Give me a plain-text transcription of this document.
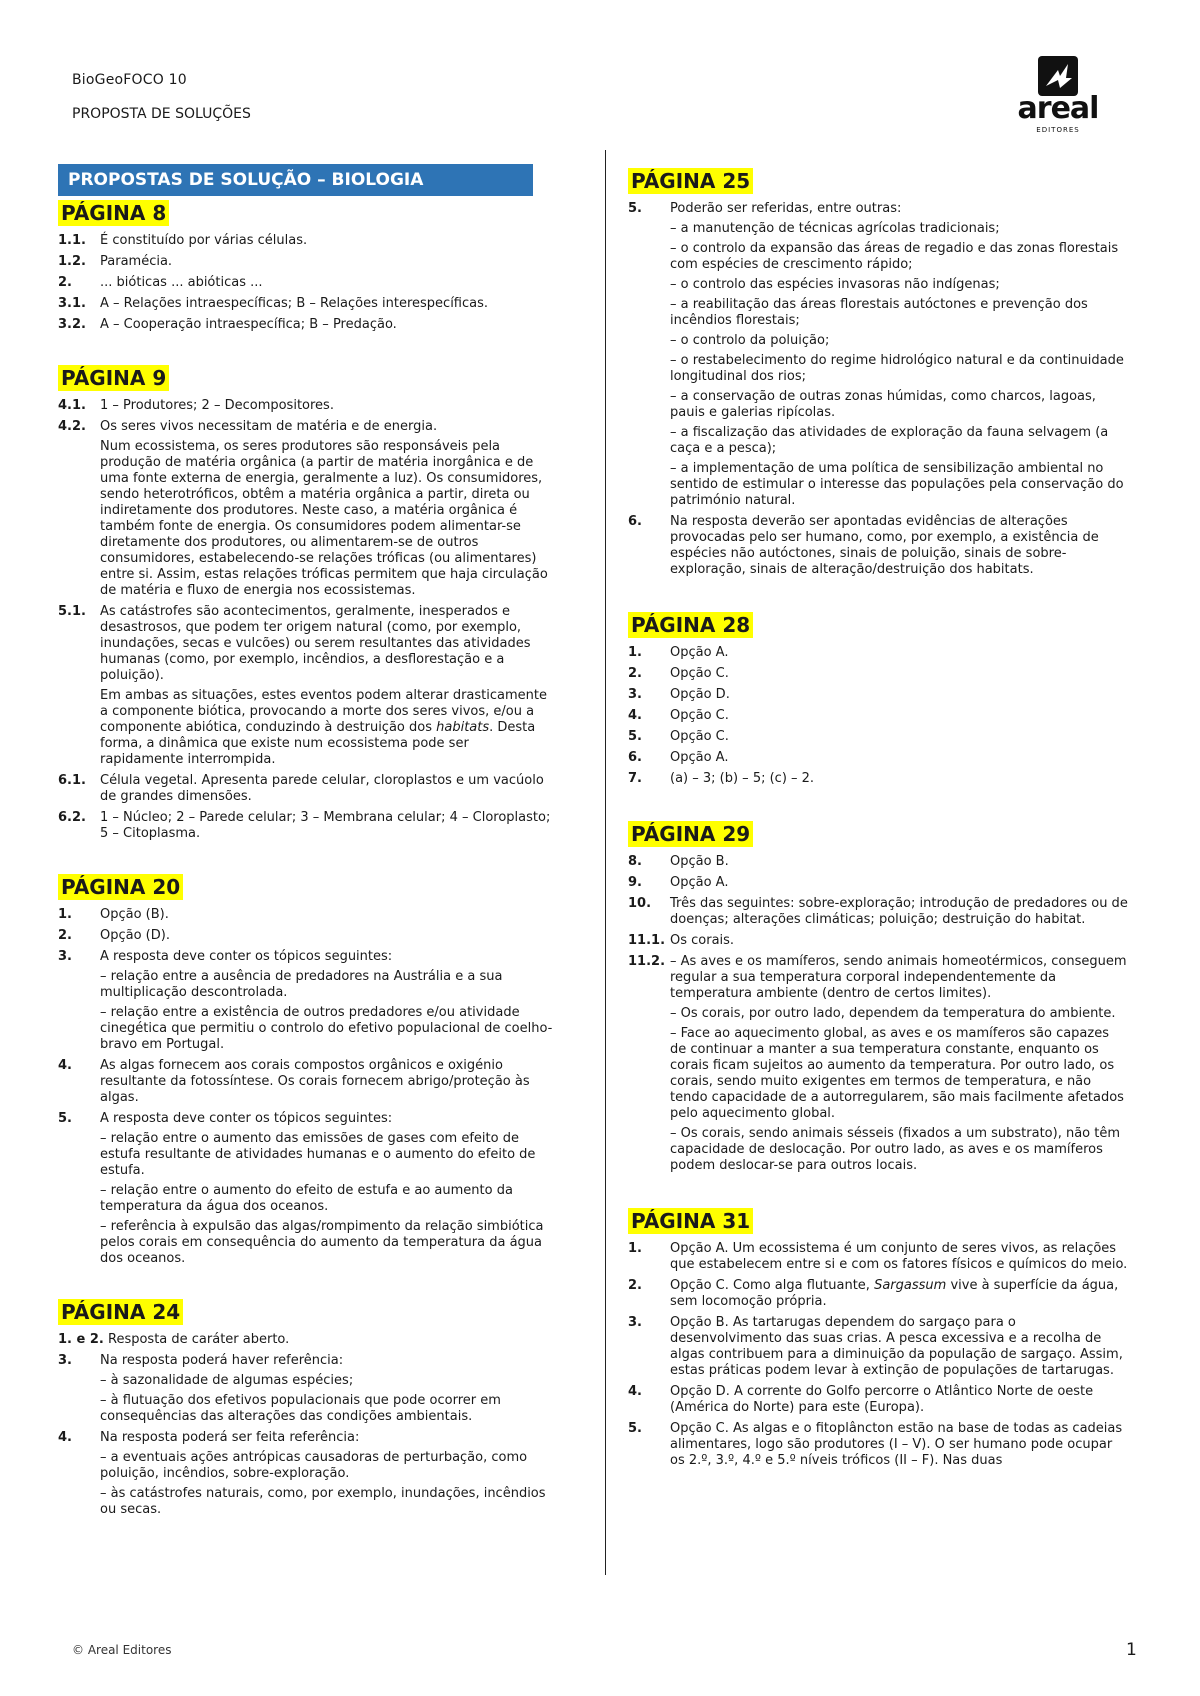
BioGeoFOCO 10
PROPOSTA DE SOLUÇÕES	areal
EDITORES
PROPOSTAS DE SOLUÇÃO – BIOLOGIA
PÁGINA 8
1.1.	É constituído por várias células.
1.2.	Paramécia.
2.	... bióticas ... abióticas ...
3.1.	A – Relações intraespecíficas; B – Relações interespecíficas.
3.2.	A – Cooperação intraespecífica; B – Predação.
PÁGINA 9
4.1.	1 – Produtores; 2 – Decompositores.
4.2.	Os seres vivos necessitam de matéria e de energia.
Num ecossistema, os seres produtores são responsáveis pela produção de matéria orgânica (a partir de matéria inorgânica e de uma fonte externa de energia, geralmente a luz). Os consumidores, sendo heterotróficos, obtêm a matéria orgânica a partir, direta ou indiretamente dos produtores. Neste caso, a matéria orgânica é também fonte de energia. Os consumidores podem alimentar-se diretamente dos produtores, ou alimentarem-se de outros consumidores, estabelecendo-se relações tróficas (ou alimentares) entre si. Assim, estas relações tróficas permitem que haja circulação de matéria e fluxo de energia nos ecossistemas.
5.1.	As catástrofes são acontecimentos, geralmente, inesperados e desastrosos, que podem ter origem natural (como, por exemplo, inundações, secas e vulcões) ou serem resultantes das atividades humanas (como, por exemplo, incêndios, a desflorestação e a poluição).
Em ambas as situações, estes eventos podem alterar drasticamente a componente biótica, provocando a morte dos seres vivos, e/ou a componente abiótica, conduzindo à destruição dos habitats. Desta forma, a dinâmica que existe num ecossistema pode ser rapidamente interrompida.
6.1.	Célula vegetal. Apresenta parede celular, cloroplastos e um vacúolo de grandes dimensões.
6.2.	1 – Núcleo; 2 – Parede celular; 3 – Membrana celular; 4 – Cloroplasto; 5 – Citoplasma.
PÁGINA 20
1.	Opção (B).
2.	Opção (D).
3.	A resposta deve conter os tópicos seguintes:
– relação entre a ausência de predadores na Austrália e a sua multiplicação descontrolada.
– relação entre a existência de outros predadores e/ou atividade cinegética que permitiu o controlo do efetivo populacional de coelho-bravo em Portugal.
4.	As algas fornecem aos corais compostos orgânicos e oxigénio resultante da fotossíntese. Os corais fornecem abrigo/proteção às algas.
5.	A resposta deve conter os tópicos seguintes:
– relação entre o aumento das emissões de gases com efeito de estufa resultante de atividades humanas e o aumento do efeito de estufa.
– relação entre o aumento do efeito de estufa e ao aumento da temperatura da água dos oceanos.
– referência à expulsão das algas/rompimento da relação simbiótica pelos corais em consequência do aumento da temperatura da água dos oceanos.
PÁGINA 24
1. e 2. Resposta de caráter aberto.
3.	Na resposta poderá haver referência:
– à sazonalidade de algumas espécies;
– à flutuação dos efetivos populacionais que pode ocorrer em consequências das alterações das condições ambientais.
4.	Na resposta poderá ser feita referência:
– a eventuais ações antrópicas causadoras de perturbação, como poluição, incêndios, sobre-exploração.
– às catástrofes naturais, como, por exemplo, inundações, incêndios ou secas.
PÁGINA 25
5.	Poderão ser referidas, entre outras:
– a manutenção de técnicas agrícolas tradicionais;
– o controlo da expansão das áreas de regadio e das zonas florestais com espécies de crescimento rápido;
– o controlo das espécies invasoras não indígenas;
– a reabilitação das áreas florestais autóctones e prevenção dos incêndios florestais;
– o controlo da poluição;
– o restabelecimento do regime hidrológico natural e da continuidade longitudinal dos rios;
– a conservação de outras zonas húmidas, como charcos, lagoas, pauis e galerias ripícolas.
– a fiscalização das atividades de exploração da fauna selvagem (a caça e a pesca);
– a implementação de uma política de sensibilização ambiental no sentido de estimular o interesse das populações pela conservação do património natural.
6.	Na resposta deverão ser apontadas evidências de alterações provocadas pelo ser humano, como, por exemplo, a existência de espécies não autóctones, sinais de poluição, sinais de sobre-exploração, sinais de alteração/destruição dos habitats.
PÁGINA 28
1.	Opção A.
2.	Opção C.
3.	Opção D.
4.	Opção C.
5.	Opção C.
6.	Opção A.
7.	(a) – 3; (b) – 5; (c) – 2.
PÁGINA 29
8.	Opção B.
9.	Opção A.
10.	Três das seguintes: sobre-exploração; introdução de predadores ou de doenças; alterações climáticas; poluição; destruição do habitat.
11.1. Os corais.
11.2. – As aves e os mamíferos, sendo animais homeotérmicos, conseguem regular a sua temperatura corporal independentemente da temperatura ambiente (dentro de certos limites).
– Os corais, por outro lado, dependem da temperatura do ambiente.
– Face ao aquecimento global, as aves e os mamíferos são capazes de continuar a manter a sua temperatura constante, enquanto os corais ficam sujeitos ao aumento da temperatura. Por outro lado, os corais, sendo muito exigentes em termos de temperatura, e não tendo capacidade de a autorregularem, são mais facilmente afetados pelo aquecimento global.
– Os corais, sendo animais sésseis (fixados a um substrato), não têm capacidade de deslocação. Por outro lado, as aves e os mamíferos podem deslocar-se para outros locais.
PÁGINA 31
1.	Opção A. Um ecossistema é um conjunto de seres vivos, as relações que estabelecem entre si e com os fatores físicos e químicos do meio.
2.	Opção C. Como alga flutuante, Sargassum vive à superfície da água, sem locomoção própria.
3.	Opção B. As tartarugas dependem do sargaço para o desenvolvimento das suas crias. A pesca excessiva e a recolha de algas contribuem para a diminuição da população de sargaço. Assim, estas práticas podem levar à extinção de populações de tartarugas.
4.	Opção D. A corrente do Golfo percorre o Atlântico Norte de oeste (América do Norte) para este (Europa).
5.	Opção C. As algas e o fitoplâncton estão na base de todas as cadeias alimentares, logo são produtores (I – V). O ser humano pode ocupar os 2.º, 3.º, 4.º e 5.º níveis tróficos (II – F). Nas duas
© Areal Editores	1
